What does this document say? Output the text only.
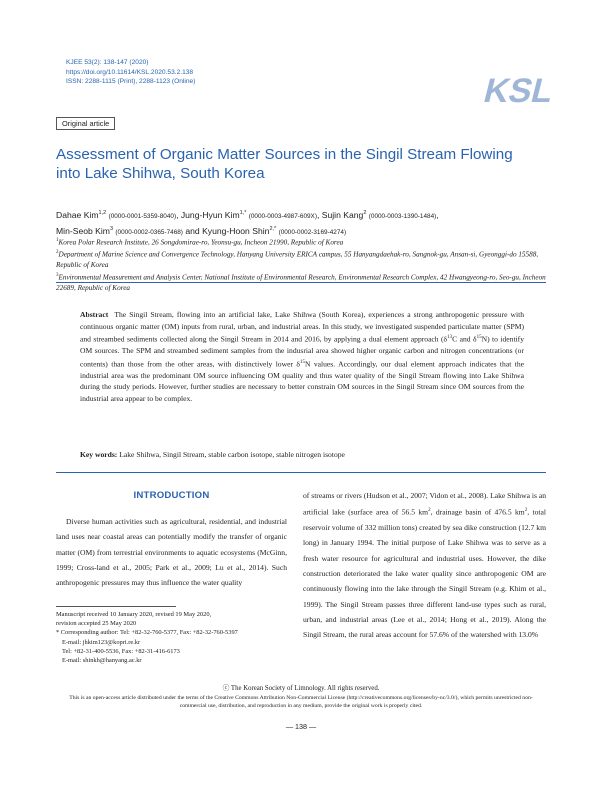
KJEE 53(2): 138-147 (2020)
https://doi.org/10.11614/KSL.2020.53.2.138
ISSN: 2288-1115 (Print), 2288-1123 (Online)	KSL
Original article
Assessment of Organic Matter Sources in the Singil Stream Flowing into Lake Shihwa, South Korea
Dahae Kim$^{1,2}$ (0000-0001-5359-8040), Jung-Hyun Kim$^{1,*}$ (0000-0003-4987-609X), Sujin Kang$^2$ (0000-0003-1390-1484),
Min-Seob Kim$^3$ (0000-0002-0365-7468) and Kyung-Hoon Shin$^{2,*}$ (0000-0002-3169-4274)
$^1$Korea Polar Research Institute, 26 Songdomirae-ro, Yeonsu-gu, Incheon 21990, Republic of Korea
$^2$Department of Marine Science and Convergence Technology, Hanyang University ERICA campus, 55 Hanyangdaehak-ro, Sangnok-gu, Ansan-si, Gyeonggi-do 15588, Republic of Korea
$^3$Environmental Measurement and Analysis Center, National Institute of Environmental Research, Environmental Research Complex, 42 Hwangyeong-ro, Seo-gu, Incheon 22689, Republic of Korea
Abstract The Singil Stream, flowing into an artificial lake, Lake Shihwa (South Korea), experiences a strong anthropogenic pressure with continuous organic matter (OM) inputs from rural, urban, and industrial areas. In this study, we investigated suspended particulate matter (SPM) and streambed sediments collected along the Singil Stream in 2014 and 2016, by applying a dual element approach ($\delta^{13}C$ and $\delta^{15}N$) to identify OM sources. The SPM and streambed sediment samples from the indusrial area showed higher organic carbon and nitrogen concentrations (or contents) than those from the other areas, with distinctively lower $\delta^{15}N$ values. Accordingly, our dual element approach indicates that the industrial area was the predominant OM source influencing OM quality and thus water quality of the Singil Stream flowing into Lake Shihwa during the study periods. However, further studies are necessary to better constrain OM sources in the Singil Stream since OM sources from the industrial area appear to be complex.
Key words: Lake Shihwa, Singil Stream, stable carbon isotope, stable nitrogen isotope
INTRODUCTION
Diverse human activities such as agricultural, residential, and industrial land uses near coastal areas can potentially modify the transfer of organic matter (OM) from terrestrial environments to aquatic ecosystems (McGinn, 1999; Cross-land et al., 2005; Park et al., 2009; Lu et al., 2014). Such anthropogenic pressures may thus influence the water quality
of streams or rivers (Hudson et al., 2007; Vidon et al., 2008). Lake Shihwa is an artificial lake (surface area of 56.5 $km^2$, drainage basin of 476.5 $km^2$, total reservoir volume of 332 million tons) created by sea dike construction (12.7 km long) in January 1994. The initial purpose of Lake Shihwa was to serve as a fresh water resource for agricultural and industrial uses. However, the dike construction deteriorated the lake water quality since anthropogenic OM are continuously flowing into the lake through the Singil Stream (e.g. Khim et al., 1999). The Singil Stream passes three different land-use types such as rural, urban, and industrial areas (Lee et al., 2014; Hong et al., 2019). Along the Singil Stream, the rural areas account for 57.6% of the watershed with 13.0%
Manuscript received 10 January 2020, revised 19 May 2020,
revision accepted 25 May 2020
* Corresponding author: Tel: +82-32-760-5377, Fax: +82-32-760-5397
E-mail: jhkim123@kopri.re.kr
Tel: +82-31-400-5536, Fax: +82-31-416-6173
E-mail: shinkh@hanyang.ac.kr
ⓒ The Korean Society of Limnology. All rights reserved.
This is an open-access article distributed under the terms of the Creative Commons Attribution Non-Commercial License (http://creativecommons.org/licenses/by-nc/3.0/), which permits unrestricted non-commercial use, distribution, and reproduction in any medium, provide the original work is properly cited.
— 138 —
